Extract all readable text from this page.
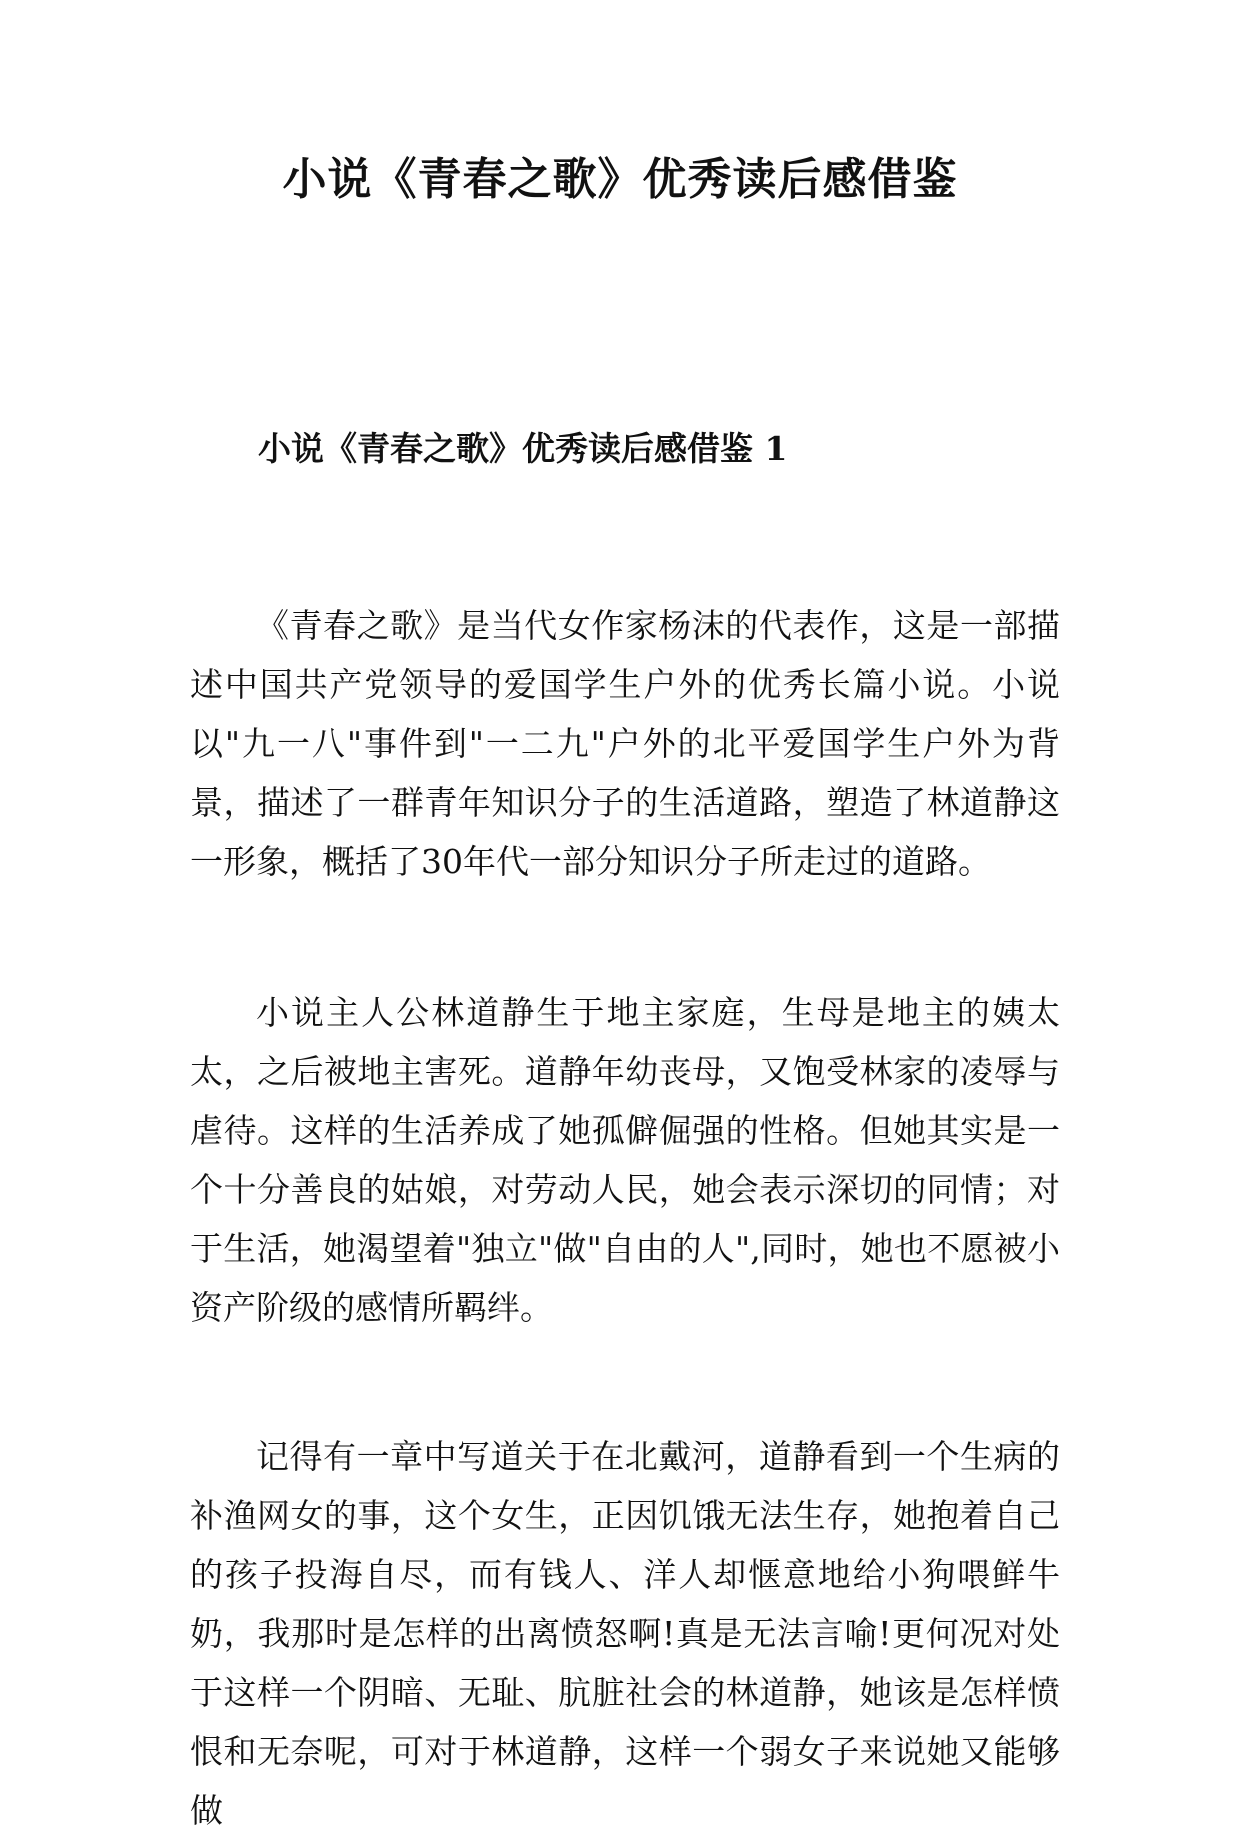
小说《青春之歌》优秀读后感借鉴
小说《青春之歌》优秀读后感借鉴 1

《青春之歌》是当代女作家杨沫的代表作，这是一部描述中国共产党领导的爱国学生户外的优秀长篇小说。小说以"九一八"事件到"一二九"户外的北平爱国学生户外为背景，描述了一群青年知识分子的生活道路，塑造了林道静这一形象，概括了30年代一部分知识分子所走过的道路。

小说主人公林道静生于地主家庭，生母是地主的姨太太，之后被地主害死。道静年幼丧母，又饱受林家的凌辱与虐待。这样的生活养成了她孤僻倔强的性格。但她其实是一个十分善良的姑娘，对劳动人民，她会表示深切的同情；对于生活，她渴望着"独立"做"自由的人",同时，她也不愿被小资产阶级的感情所羁绊。

记得有一章中写道关于在北戴河，道静看到一个生病的补渔网女的事，这个女生，正因饥饿无法生存，她抱着自己的孩子投海自尽，而有钱人、洋人却惬意地给小狗喂鲜牛奶，我那时是怎样的出离愤怒啊!真是无法言喻!更何况对处于这样一个阴暗、无耻、肮脏社会的林道静，她该是怎样愤恨和无奈呢，可对于林道静，这样一个弱女子来说她又能够做
